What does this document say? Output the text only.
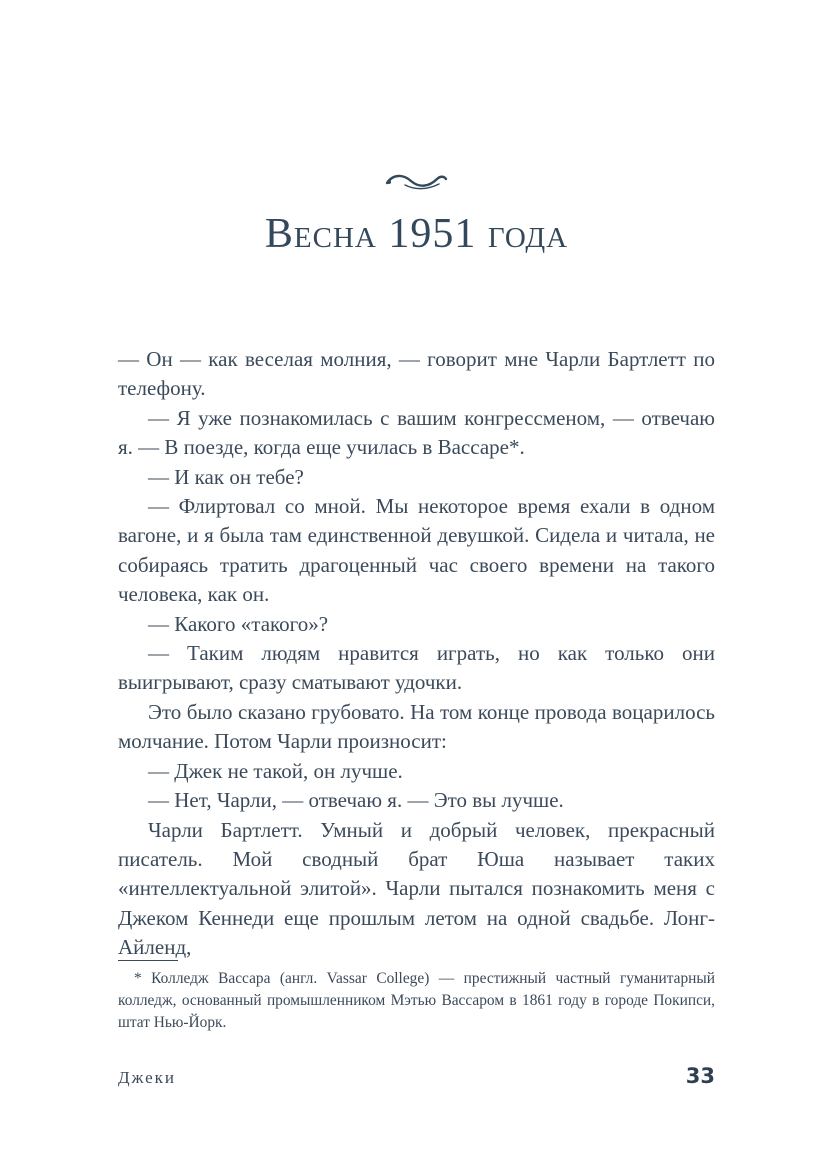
Весна 1951 года

— Он — как веселая молния, — говорит мне Чарли Бартлетт по телефону.

— Я уже познакомилась с вашим конгрессменом, — отвечаю я. — В поезде, когда еще училась в Вассаре*.

— И как он тебе?

— Флиртовал со мной. Мы некоторое время ехали в одном вагоне, и я была там единственной девушкой. Сидела и читала, не собираясь тратить драгоценный час своего времени на такого человека, как он.

— Какого «такого»?

— Таким людям нравится играть, но как только они выигрывают, сразу сматывают удочки.

Это было сказано грубовато. На том конце провода воцарилось молчание. Потом Чарли произносит:

— Джек не такой, он лучше.

— Нет, Чарли, — отвечаю я. — Это вы лучше.

Чарли Бартлетт. Умный и добрый человек, прекрасный писатель. Мой сводный брат Юша называет таких «интеллектуальной элитой». Чарли пытался познакомить меня с Джеком Кеннеди еще прошлым летом на одной свадьбе. Лонг-Айленд,

* Колледж Вассара (англ. Vassar College) — престижный частный гуманитарный колледж, основанный промышленником Мэтью Вассаром в 1861 году в городе Покипси, штат Нью-Йорк.
Джеки	33
